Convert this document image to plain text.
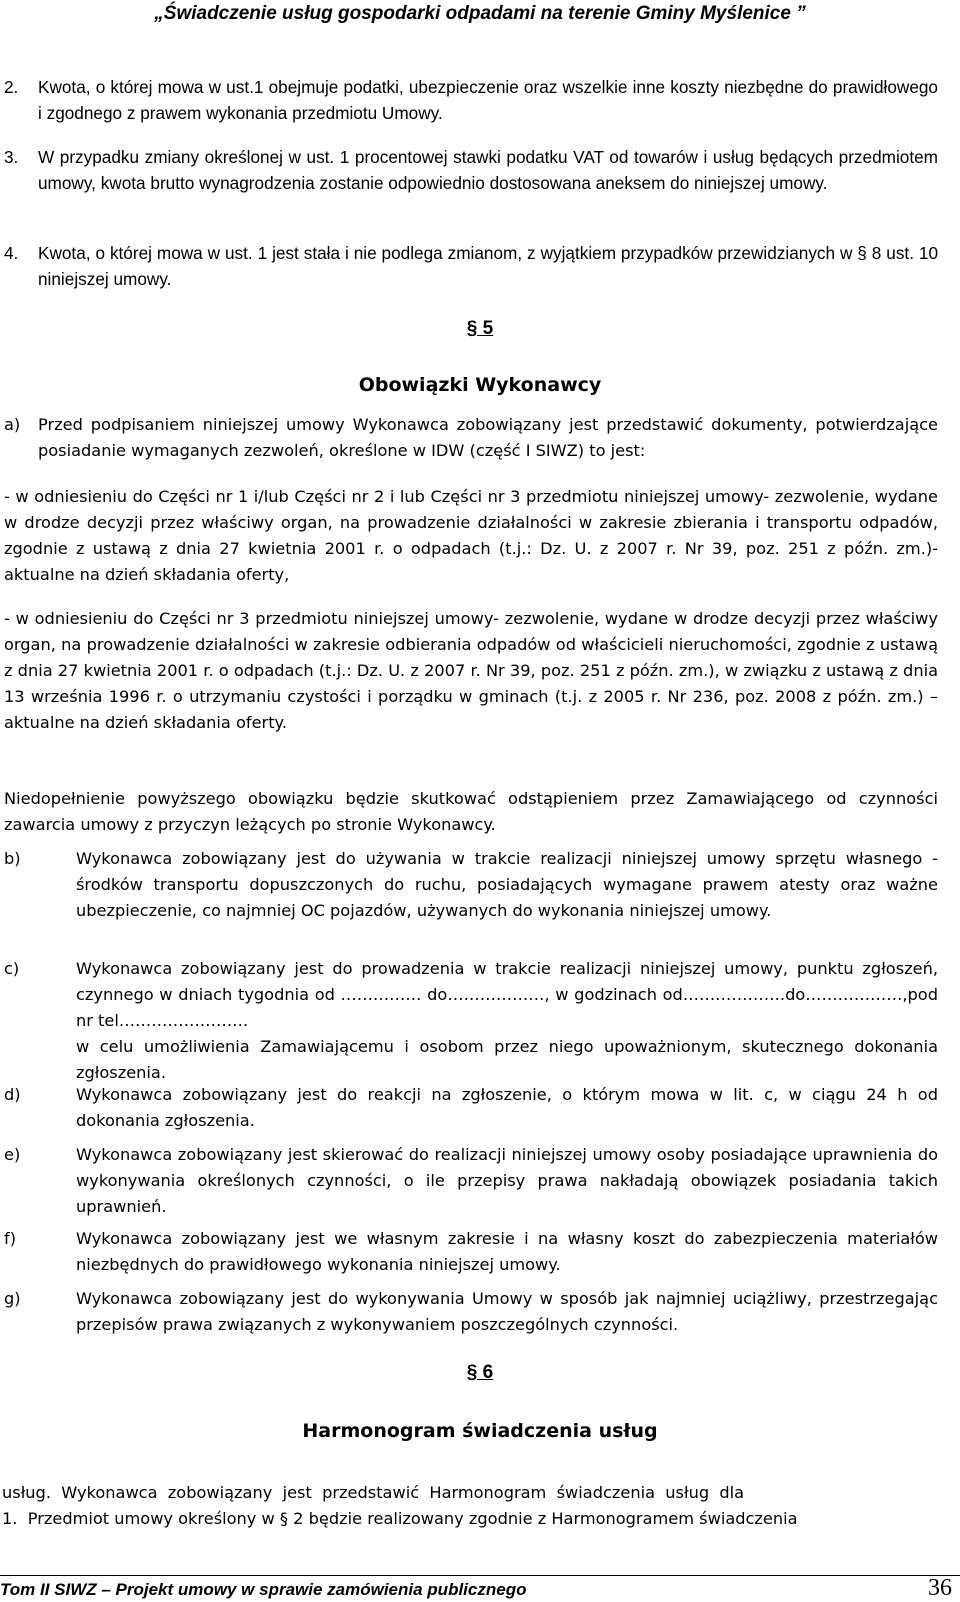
„Świadczenie usług gospodarki odpadami na terenie Gminy Myślenice ”
2. Kwota, o której mowa w ust.1 obejmuje podatki, ubezpieczenie oraz wszelkie inne koszty niezbędne do prawidłowego i zgodnego z prawem wykonania przedmiotu Umowy.
3. W przypadku zmiany określonej w ust. 1 procentowej stawki podatku VAT od towarów i usług będących przedmiotem umowy, kwota brutto wynagrodzenia zostanie odpowiednio dostosowana aneksem do niniejszej umowy.
4. Kwota, o której mowa w ust. 1 jest stała i nie podlega zmianom, z wyjątkiem przypadków przewidzianych w § 8 ust. 10 niniejszej umowy.
§ 5
Obowiązki Wykonawcy
a) Przed podpisaniem niniejszej umowy Wykonawca zobowiązany jest przedstawić dokumenty, potwierdzające posiadanie wymaganych zezwoleń, określone w IDW (część I SIWZ) to jest:
- w odniesieniu do Części nr 1 i/lub Części nr 2 i lub Części nr 3 przedmiotu niniejszej umowy- zezwolenie, wydane w drodze decyzji przez właściwy organ, na prowadzenie działalności w zakresie zbierania i transportu odpadów, zgodnie z ustawą z dnia 27 kwietnia 2001 r. o odpadach (t.j.: Dz. U. z 2007 r. Nr 39, poz. 251 z późn. zm.)- aktualne na dzień składania oferty,
- w odniesieniu do Części nr 3 przedmiotu niniejszej umowy- zezwolenie, wydane w drodze decyzji przez właściwy organ, na prowadzenie działalności w zakresie odbierania odpadów od właścicieli nieruchomości, zgodnie z ustawą z dnia 27 kwietnia 2001 r. o odpadach (t.j.: Dz. U. z 2007 r. Nr 39, poz. 251 z późn. zm.), w związku z ustawą z dnia 13 września 1996 r. o utrzymaniu czystości i porządku w gminach (t.j. z 2005 r. Nr 236, poz. 2008 z późn. zm.) – aktualne na dzień składania oferty.
Niedopełnienie powyższego obowiązku będzie skutkować odstąpieniem przez Zamawiającego od czynności zawarcia umowy z przyczyn leżących po stronie Wykonawcy.
b)	Wykonawca zobowiązany jest do używania w trakcie realizacji niniejszej umowy sprzętu własnego - środków transportu dopuszczonych do ruchu, posiadających wymagane prawem atesty oraz ważne ubezpieczenie, co najmniej OC pojazdów, używanych do wykonania niniejszej umowy.
c)	Wykonawca zobowiązany jest do prowadzenia w trakcie realizacji niniejszej umowy, punktu zgłoszeń, czynnego w dniach tygodnia od …………… do………………, w godzinach od……………….do………………,pod nr tel……………………
w celu umożliwienia Zamawiającemu i osobom przez niego upoważnionym, skutecznego dokonania zgłoszenia.
d)	Wykonawca zobowiązany jest do reakcji na zgłoszenie, o którym mowa w lit. c, w ciągu 24 h od dokonania zgłoszenia.
e)	Wykonawca zobowiązany jest skierować do realizacji niniejszej umowy osoby posiadające uprawnienia do wykonywania określonych czynności, o ile przepisy prawa nakładają obowiązek posiadania takich uprawnień.
f)	Wykonawca zobowiązany jest we własnym zakresie i na własny koszt do zabezpieczenia materiałów niezbędnych do prawidłowego wykonania niniejszej umowy.
g)	Wykonawca zobowiązany jest do wykonywania Umowy w sposób jak najmniej uciążliwy, przestrzegając przepisów prawa związanych z wykonywaniem poszczególnych czynności.
§ 6
Harmonogram świadczenia usług

1.  Przedmiot umowy określony w § 2 będzie realizowany zgodnie z Harmonogramem świadczenia

usług.  Wykonawca  zobowiązany  jest  przedstawić  Harmonogram  świadczenia  usług  dla

Tom II SIWZ – Projekt umowy w sprawie zamówienia publicznego	36
